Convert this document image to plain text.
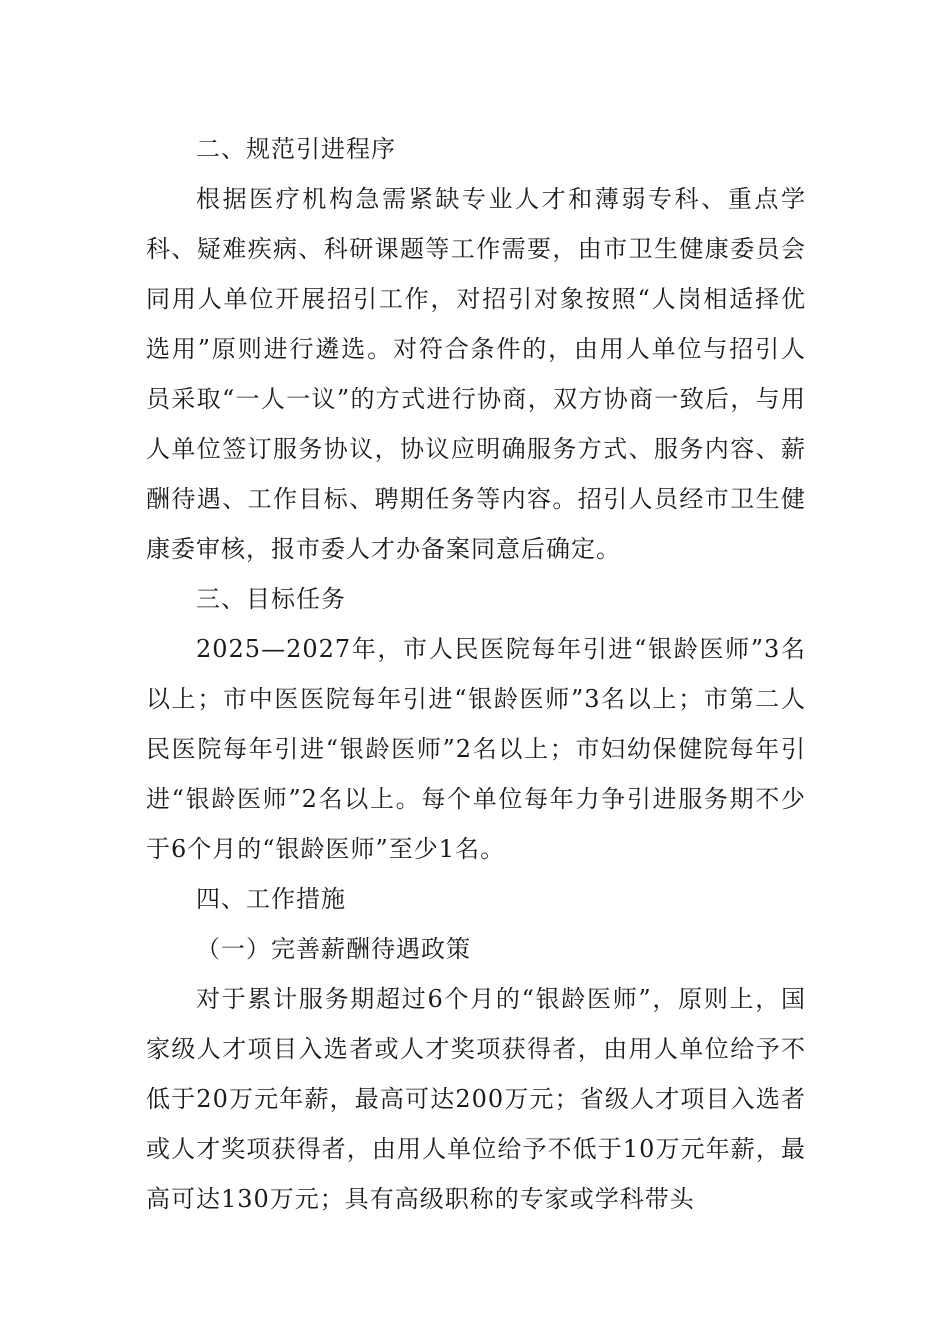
二、规范引进程序

根据医疗机构急需紧缺专业人才和薄弱专科、重点学科、疑难疾病、科研课题等工作需要，由市卫生健康委员会同用人单位开展招引工作，对招引对象按照“人岗相适择优选用”原则进行遴选。对符合条件的，由用人单位与招引人员采取“一人一议”的方式进行协商，双方协商一致后，与用人单位签订服务协议，协议应明确服务方式、服务内容、薪酬待遇、工作目标、聘期任务等内容。招引人员经市卫生健康委审核，报市委人才办备案同意后确定。

三、目标任务

2025—2027年，市人民医院每年引进“银龄医师”3名以上；市中医医院每年引进“银龄医师”3名以上；市第二人民医院每年引进“银龄医师”2名以上；市妇幼保健院每年引进“银龄医师”2名以上。每个单位每年力争引进服务期不少于6个月的“银龄医师”至少1名。

四、工作措施

（一）完善薪酬待遇政策

对于累计服务期超过6个月的“银龄医师”，原则上，国家级人才项目入选者或人才奖项获得者，由用人单位给予不低于20万元年薪，最高可达200万元；省级人才项目入选者或人才奖项获得者，由用人单位给予不低于10万元年薪，最高可达130万元；具有高级职称的专家或学科带头
